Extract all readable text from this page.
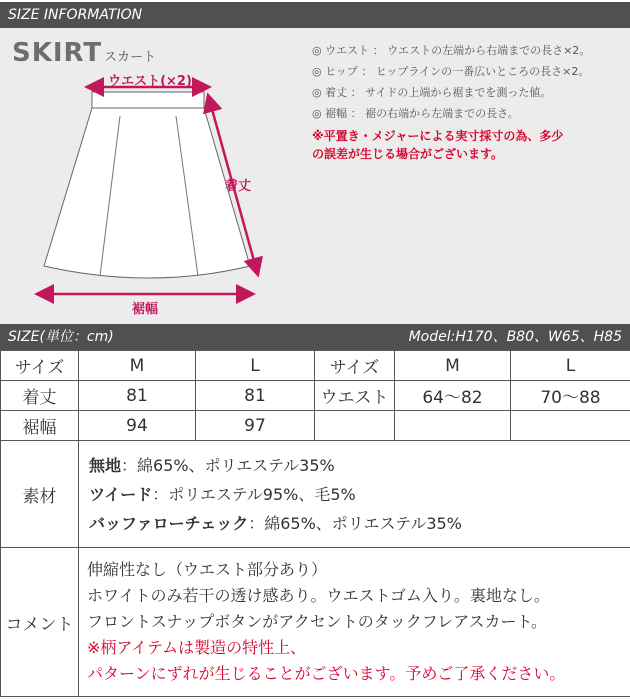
SIZE INFORMATION
SKIRT スカート
ウエスト(×2)
着丈
裾幅
◎ ウエスト ： ウエストの左端から右端までの長さ×2。
◎ ヒップ ： ヒップラインの一番広いところの長さ×2。
◎ 着丈 ： サイドの上端から裾までを測った値。
◎ 裾幅 ： 裾の右端から左端までの長さ。
※平置き・メジャーによる実寸採寸の為、多少
の誤差が生じる場合がございます。
SIZE(単位：cm)	Model:H170、B80、W65、H85
サイズ	M	L	サイズ	M	L
着丈	81	81	ウエスト	64〜82	70〜88
裾幅	94	97			
素材	無地：綿65%、ポリエステル35%
ツイード：ポリエステル95%、毛5%
バッファローチェック：綿65%、ポリエステル35%				

コメント	伸縮性なし（ウエスト部分あり）
ホワイトのみ若干の透け感あり。ウエストゴム入り。裏地なし。
フロントスナップボタンがアクセントのタックフレアスカート。
※柄アイテムは製造の特性上、
パターンにずれが生じることがございます。予めご了承ください。				
